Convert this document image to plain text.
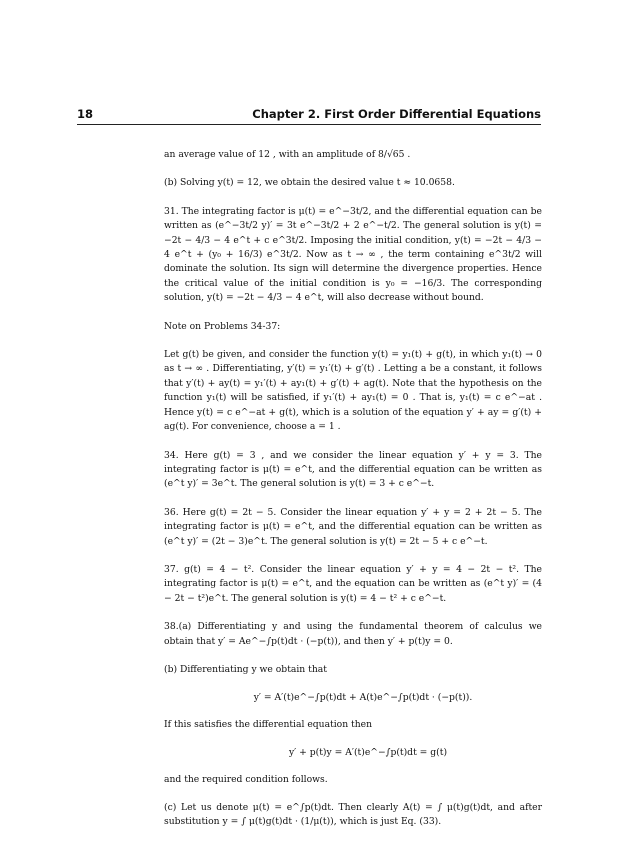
18	Chapter 2. First Order Differential Equations

an average value of 12 , with an amplitude of 8/√65 .

(b) Solving y(t) = 12, we obtain the desired value t ≈ 10.0658.

31. The integrating factor is μ(t) = e^−3t/2, and the differential equation can be written as (e^−3t/2 y)′ = 3t e^−3t/2 + 2 e^−t/2. The general solution is y(t) = −2t − 4/3 − 4 e^t + c e^3t/2. Imposing the initial condition, y(t) = −2t − 4/3 − 4 e^t + (y₀ + 16/3) e^3t/2. Now as t → ∞ , the term containing e^3t/2 will dominate the solution. Its sign will determine the divergence properties. Hence the critical value of the initial condition is y₀ = −16/3. The corresponding solution, y(t) = −2t − 4/3 − 4 e^t, will also decrease without bound.

Note on Problems 34-37:

Let g(t) be given, and consider the function y(t) = y₁(t) + g(t), in which y₁(t) → 0 as t → ∞ . Differentiating, y′(t) = y₁′(t) + g′(t) . Letting a be a constant, it follows that y′(t) + ay(t) = y₁′(t) + ay₁(t) + g′(t) + ag(t). Note that the hypothesis on the function y₁(t) will be satisfied, if y₁′(t) + ay₁(t) = 0 . That is, y₁(t) = c e^−at . Hence y(t) = c e^−at + g(t), which is a solution of the equation y′ + ay = g′(t) + ag(t). For convenience, choose a = 1 .

34. Here g(t) = 3 , and we consider the linear equation y′ + y = 3. The integrating factor is μ(t) = e^t, and the differential equation can be written as (e^t y)′ = 3e^t. The general solution is y(t) = 3 + c e^−t.

36. Here g(t) = 2t − 5. Consider the linear equation y′ + y = 2 + 2t − 5. The integrating factor is μ(t) = e^t, and the differential equation can be written as (e^t y)′ = (2t − 3)e^t. The general solution is y(t) = 2t − 5 + c e^−t.

37. g(t) = 4 − t². Consider the linear equation y′ + y = 4 − 2t − t². The integrating factor is μ(t) = e^t, and the equation can be written as (e^t y)′ = (4 − 2t − t²)e^t. The general solution is y(t) = 4 − t² + c e^−t.

38.(a) Differentiating y and using the fundamental theorem of calculus we obtain that y′ = Ae^−∫p(t)dt · (−p(t)), and then y′ + p(t)y = 0.

(b) Differentiating y we obtain that

y′ = A′(t)e^−∫p(t)dt + A(t)e^−∫p(t)dt · (−p(t)).

If this satisfies the differential equation then

y′ + p(t)y = A′(t)e^−∫p(t)dt = g(t)

and the required condition follows.

(c) Let us denote μ(t) = e^∫p(t)dt. Then clearly A(t) = ∫ μ(t)g(t)dt, and after substitution y = ∫ μ(t)g(t)dt · (1/μ(t)), which is just Eq. (33).
